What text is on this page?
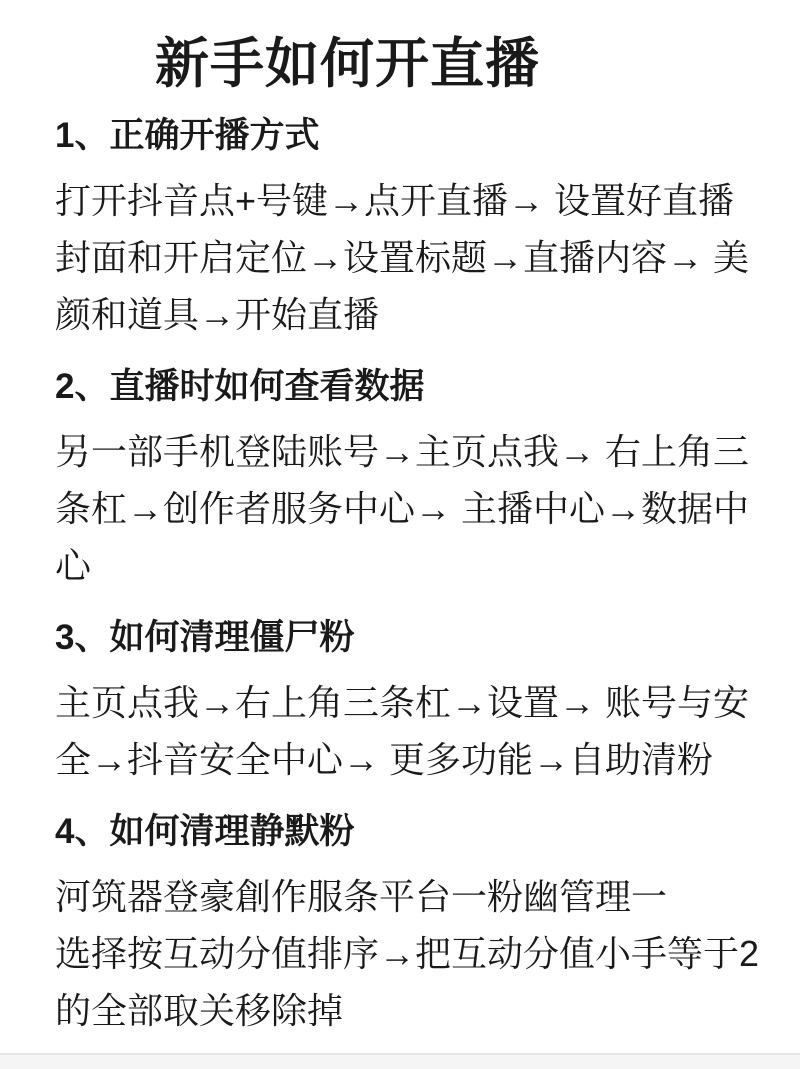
新手如何开直播
1、正确开播方式
打开抖音点+号键→点开直播→ 设置好直播
封面和开启定位→设置标题→直播内容→ 美
颜和道具→开始直播
2、直播时如何查看数据
另一部手机登陆账号→主页点我→ 右上角三
条杠→创作者服务中心→ 主播中心→数据中
心
3、如何清理僵尸粉
主页点我→右上角三条杠→设置→ 账号与安
全→抖音安全中心→ 更多功能→自助清粉
4、如何清理静默粉
河筑器登豪創作服条平台一粉幽管理一
选择按互动分值排序→把互动分值小手等于2
的全部取关移除掉
